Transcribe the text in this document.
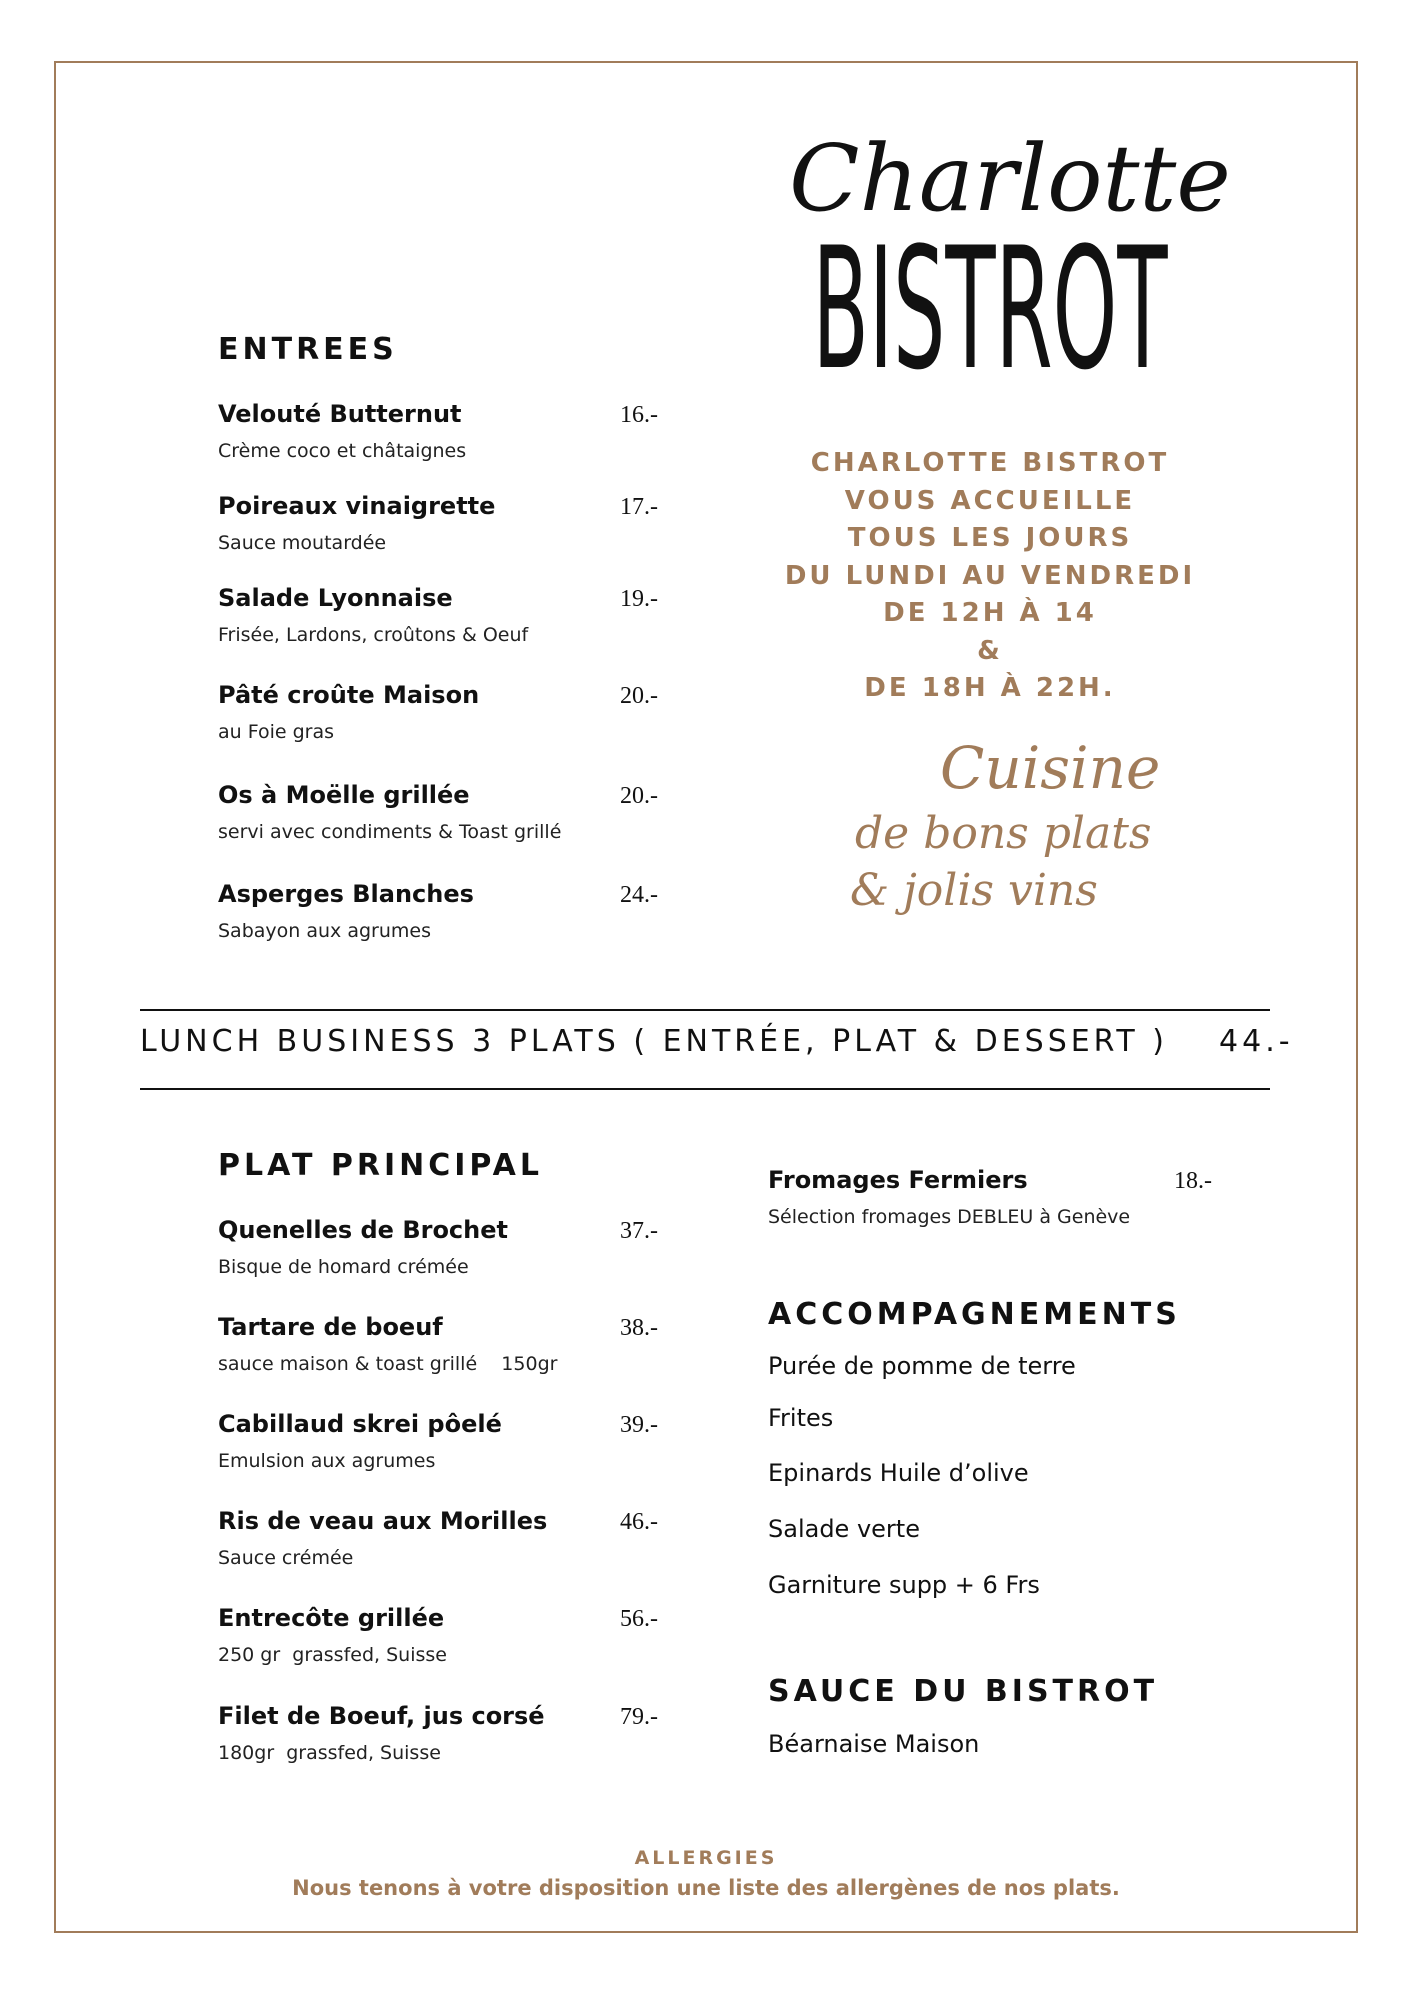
Charlotte
BISTROT
ENTREES
Velouté Butternut
Crème coco et châtaignes
16.-
Poireaux vinaigrette
Sauce moutardée
17.-
Salade Lyonnaise
Frisée, Lardons, croûtons & Oeuf
19.-
Pâté croûte Maison
au Foie gras
20.-
Os à Moëlle grillée
servi avec condiments & Toast grillé
20.-
Asperges Blanches
Sabayon aux agrumes
24.-
CHARLOTTE BISTROT
VOUS ACCUEILLE
TOUS LES JOURS
DU LUNDI AU VENDREDI
DE 12H À 14
&
DE 18H À 22H.
Cuisine
de bons plats
& jolis vins
LUNCH BUSINESS 3 PLATS ( ENTRÉE, PLAT & DESSERT ) 44.-
PLAT PRINCIPAL
Quenelles de Brochet
Bisque de homard crémée
37.-
Tartare de boeuf
sauce maison & toast grillé    150gr
38.-
Cabillaud skrei pôelé
Emulsion aux agrumes
39.-
Ris de veau aux Morilles
Sauce crémée
46.-
Entrecôte grillée
250 gr  grassfed, Suisse
56.-
Filet de Boeuf, jus corsé
180gr  grassfed, Suisse
79.-
Fromages Fermiers
Sélection fromages DEBLEU à Genève
18.-
ACCOMPAGNEMENTS
Purée de pomme de terre
Frites
Epinards Huile d’olive
Salade verte
Garniture supp + 6 Frs
SAUCE DU BISTROT
Béarnaise Maison
ALLERGIES
Nous tenons à votre disposition une liste des allergènes de nos plats.
